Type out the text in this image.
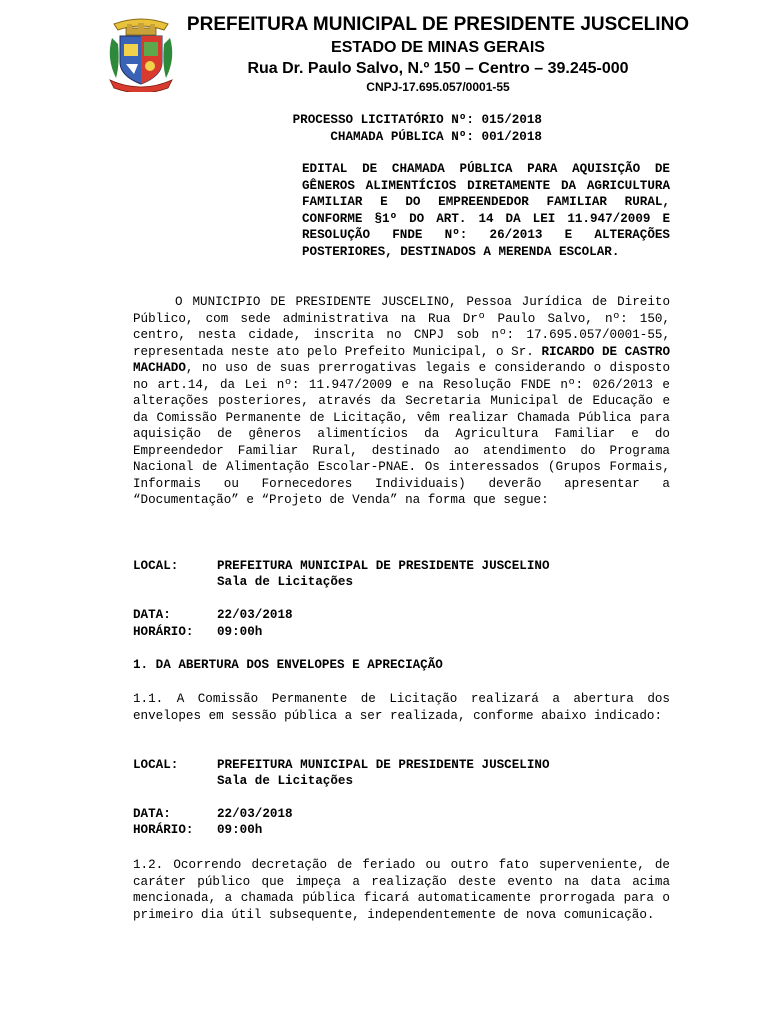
PREFEITURA MUNICIPAL DE PRESIDENTE JUSCELINO
ESTADO DE MINAS GERAIS
Rua Dr. Paulo Salvo, N.º 150 – Centro – 39.245-000
CNPJ-17.695.057/0001-55
PROCESSO LICITATÓRIO Nº: 015/2018
CHAMADA PÚBLICA Nº: 001/2018
EDITAL DE CHAMADA PÚBLICA PARA AQUISIÇÃO DE GÊNEROS ALIMENTÍCIOS DIRETAMENTE DA AGRICULTURA FAMILIAR E DO EMPREENDEDOR FAMILIAR RURAL, CONFORME §1º DO ART. 14 DA LEI 11.947/2009 E RESOLUÇÃO FNDE Nº: 26/2013 E ALTERAÇÕES POSTERIORES, DESTINADOS A MERENDA ESCOLAR.
O MUNICIPIO DE PRESIDENTE JUSCELINO, Pessoa Jurídica de Direito Público, com sede administrativa na Rua Drº Paulo Salvo, nº: 150, centro, nesta cidade, inscrita no CNPJ sob nº: 17.695.057/0001-55, representada neste ato pelo Prefeito Municipal, o Sr. RICARDO DE CASTRO MACHADO, no uso de suas prerrogativas legais e considerando o disposto no art.14, da Lei nº: 11.947/2009 e na Resolução FNDE nº: 026/2013 e alterações posteriores, através da Secretaria Municipal de Educação e da Comissão Permanente de Licitação, vêm realizar Chamada Pública para aquisição de gêneros alimentícios da Agricultura Familiar e do Empreendedor Familiar Rural, destinado ao atendimento do Programa Nacional de Alimentação Escolar-PNAE. Os interessados (Grupos Formais, Informais ou Fornecedores Individuais) deverão apresentar a “Documentação” e “Projeto de Venda” na forma que segue:
LOCAL:	PREFEITURA MUNICIPAL DE PRESIDENTE JUSCELINO
Sala de Licitações
DATA:	22/03/2018
HORÁRIO: 09:00h
1. DA ABERTURA DOS ENVELOPES E APRECIAÇÃO
1.1. A Comissão Permanente de Licitação realizará a abertura dos envelopes em sessão pública a ser realizada, conforme abaixo indicado:
LOCAL:	PREFEITURA MUNICIPAL DE PRESIDENTE JUSCELINO
Sala de Licitações
DATA:	22/03/2018
HORÁRIO: 09:00h
1.2. Ocorrendo decretação de feriado ou outro fato superveniente, de caráter público que impeça a realização deste evento na data acima mencionada, a chamada pública ficará automaticamente prorrogada para o primeiro dia útil subsequente, independentemente de nova comunicação.
